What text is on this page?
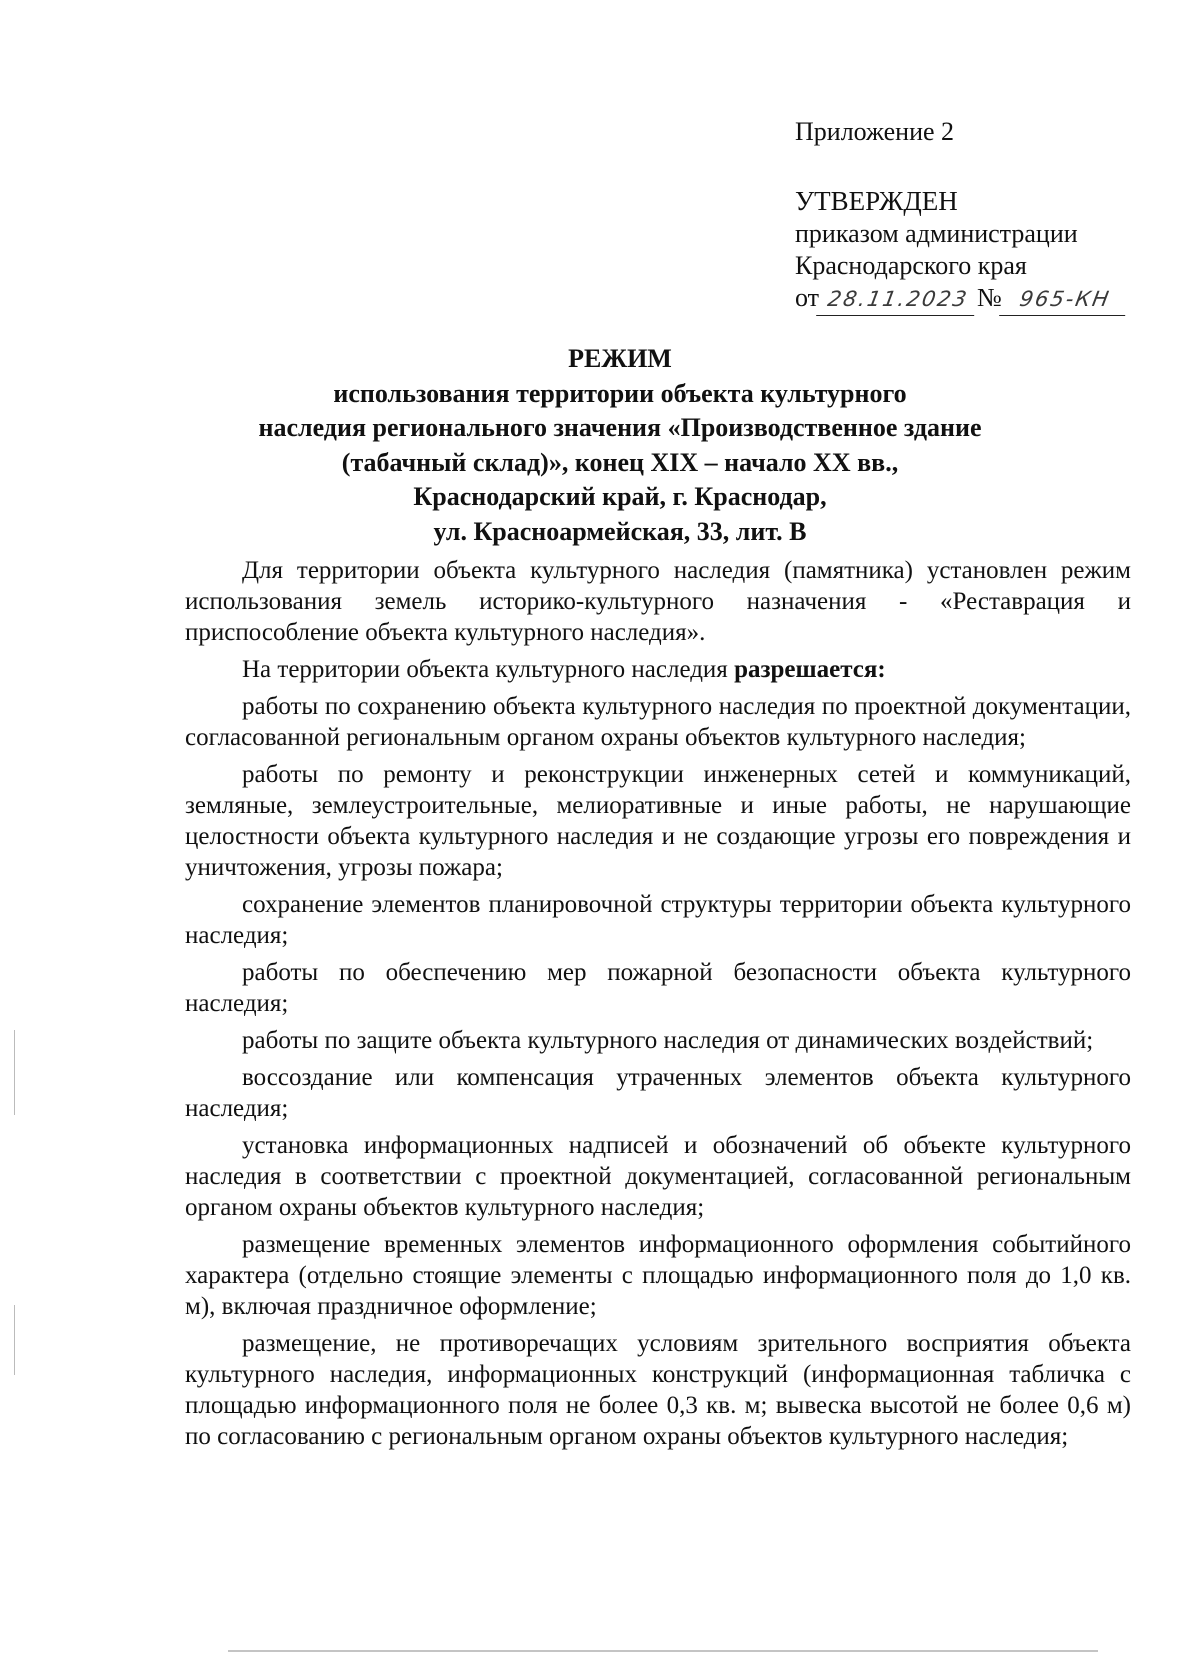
Приложение 2
УТВЕРЖДЕН
приказом администрации
Краснодарского края
от 28.11.2023 № 965-КН
РЕЖИМ
использования территории объекта культурного
наследия регионального значения «Производственное здание
(табачный склад)», конец XIX – начало XX вв.,
Краснодарский край, г. Краснодар,
ул. Красноармейская, 33, лит. В

Для территории объекта культурного наследия (памятника) установлен режим использования земель историко-культурного назначения - «Реставрация и приспособление объекта культурного наследия».

На территории объекта культурного наследия разрешается:

работы по сохранению объекта культурного наследия по проектной документации, согласованной региональным органом охраны объектов культурного наследия;

работы по ремонту и реконструкции инженерных сетей и коммуникаций, земляные, землеустроительные, мелиоративные и иные работы, не нарушающие целостности объекта культурного наследия и не создающие угрозы его повреждения и уничтожения, угрозы пожара;

сохранение элементов планировочной структуры территории объекта культурного наследия;

работы по обеспечению мер пожарной безопасности объекта культурного наследия;

работы по защите объекта культурного наследия от динамических воздействий;

воссоздание или компенсация утраченных элементов объекта культурного наследия;

установка информационных надписей и обозначений об объекте культурного наследия в соответствии с проектной документацией, согласованной региональным органом охраны объектов культурного наследия;

размещение временных элементов информационного оформления событийного характера (отдельно стоящие элементы с площадью информационного поля до 1,0 кв. м), включая праздничное оформление;

размещение, не противоречащих условиям зрительного восприятия объекта культурного наследия, информационных конструкций (информационная табличка с площадью информационного поля не более 0,3 кв. м; вывеска высотой не более 0,6 м) по согласованию с региональным органом охраны объектов культурного наследия;
